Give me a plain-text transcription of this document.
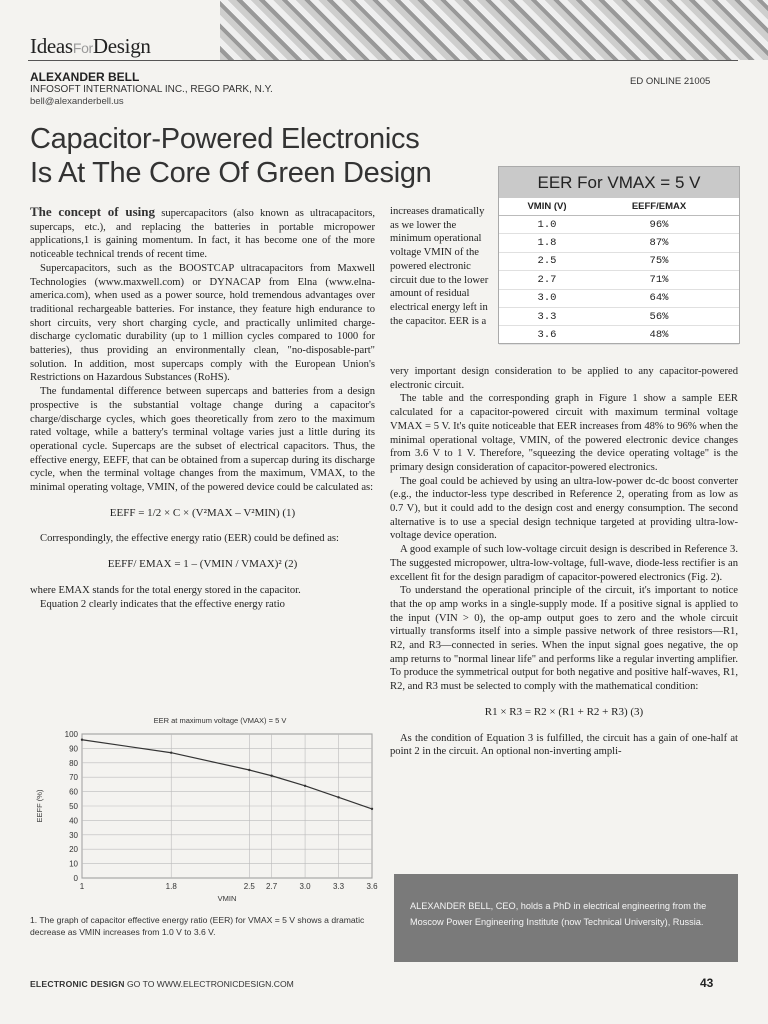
IdeasForDesign
ALEXANDER BELL
INFOSOFT INTERNATIONAL INC., REGO PARK, N.Y.
bell@alexanderbell.us
ED ONLINE 21005
Capacitor-Powered Electronics
Is At The Core Of Green Design	EER For VMAX = 5 V
VMIN (V)	EEFF/EMAX
1.0	96%
1.8	87%
2.5	75%
2.7	71%
3.0	64%
3.3	56%
3.6	48%

The concept of using supercapacitors (also known as ultracapacitors, supercaps, etc.), and replacing the batteries in portable micropower applications,1 is gaining momentum. In fact, it has become one of the more noticeable technical trends of recent time.

Supercapacitors, such as the BOOSTCAP ultracapacitors from Maxwell Technologies (www.maxwell.com) or DYNACAP from Elna (www.elna-america.com), when used as a power source, hold tremendous advantages over traditional rechargeable batteries. For instance, they feature high endurance to short circuits, very short charging cycle, and practically unlimited charge-discharge cyclomatic durability (up to 1 million cycles compared to 1000 for batteries), thus providing an environmentally clean, "no-disposable-part" solution. In addition, most supercaps comply with the European Union's Restrictions on Hazardous Substances (RoHS).

The fundamental difference between supercaps and batteries from a design prospective is the substantial voltage change during a capacitor's charge/discharge cycles, which goes theoretically from zero to the maximum rated voltage, while a battery's terminal voltage varies just a little during its operational cycle. Supercaps are the subset of electrical capacitors. Thus, the effective energy, EEFF, that can be obtained from a supercap during its discharge cycle, when the terminal voltage changes from the maximum, VMAX, to the minimal operating voltage, VMIN, of the powered device could be calculated as:

EEFF = 1/2 × C × (V²MAX – V²MIN) (1)

Correspondingly, the effective energy ratio (EER) could be defined as:

EEFF/ EMAX = 1 – (VMIN / VMAX)² (2)

where EMAX stands for the total energy stored in the capacitor.

Equation 2 clearly indicates that the effective energy ratio

increases dramatically as we lower the minimum operational voltage VMIN of the powered electronic circuit due to the lower amount of residual electrical energy left in the capacitor. EER is a

very important design consideration to be applied to any capacitor-powered electronic circuit.

The table and the corresponding graph in Figure 1 show a sample EER calculated for a capacitor-powered circuit with maximum terminal voltage VMAX = 5 V. It's quite noticeable that EER increases from 48% to 96% when the minimal operational voltage, VMIN, of the powered electronic device changes from 3.6 V to 1 V. Therefore, "squeezing the device operating voltage" is the primary design consideration of capacitor-powered electronics.

The goal could be achieved by using an ultra-low-power dc-dc boost converter (e.g., the inductor-less type described in Reference 2, operating from as low as 0.7 V), but it could add to the design cost and energy consumption. The second alternative is to use a special design technique targeted at providing ultra-low-voltage device operation.

A good example of such low-voltage circuit design is described in Reference 3. The suggested micropower, ultra-low-voltage, full-wave, diode-less rectifier is an excellent fit for the design paradigm of capacitor-powered electronics (Fig. 2).

To understand the operational principle of the circuit, it's important to notice that the op amp works in a single-supply mode. If a positive signal is applied to the input (VIN > 0), the op-amp output goes to zero and the whole circuit virtually transforms itself into a simple passive network of three resistors—R1, R2, and R3—connected in series. When the input signal goes negative, the op amp returns to "normal linear life" and performs like a regular inverting amplifier. To produce the symmetrical output for both negative and positive half-waves, R1, R2, and R3 must be selected to comply with the mathematical condition:

R1 × R3 = R2 × (R1 + R2 + R3) (3)

As the condition of Equation 3 is fulfilled, the circuit has a gain of one-half at point 2 in the circuit. An optional non-inverting ampli-

EER at maximum voltage (VMAX) = 5 V
0
10
20
30
40
50
60
70
80
90
100
1	1.8	2.5 2.7	3.0	3.3	3.6
VMIN
EEFF (%)
1. The graph of capacitor effective energy ratio (EER) for VMAX = 5 V shows a dramatic decrease as VMIN increases from 1.0 V to 3.6 V.
ALEXANDER BELL, CEO, holds a PhD in electrical engineering from the Moscow Power Engineering Institute (now Technical University), Russia.
ELECTRONIC DESIGN GO TO WWW.ELECTRONICDESIGN.COM	43
